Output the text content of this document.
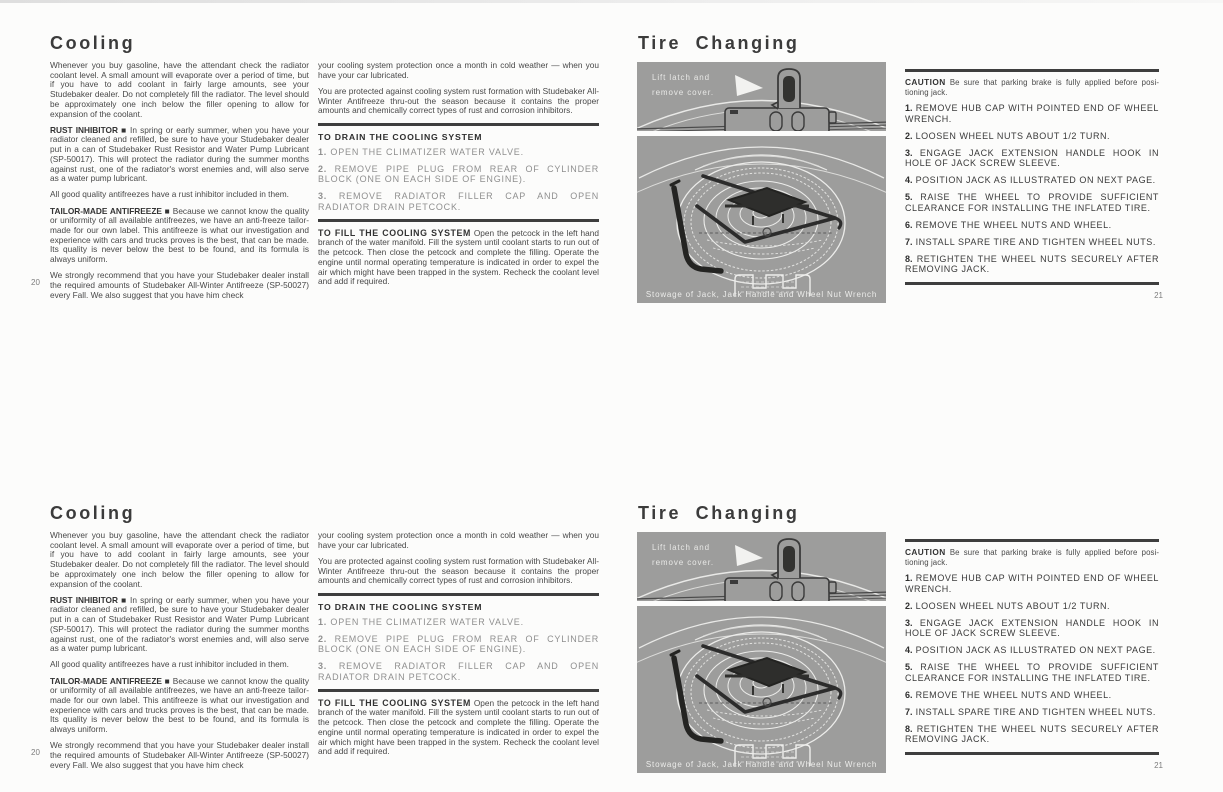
Cooling

Whenever you buy gasoline, have the attendant check the radiator coolant level. A small amount will evaporate over a period of time, but if you have to add coolant in fairly large amounts, see your Studebaker dealer. Do not completely fill the radiator. The level should be approximately one inch below the filler opening to allow for expansion of the coolant.

RUST INHIBITOR ■ In spring or early summer, when you have your radiator cleaned and refilled, be sure to have your Studebaker dealer put in a can of Studebaker Rust Resistor and Water Pump Lubricant (SP-50017). This will protect the radiator during the summer months against rust, one of the radiator's worst enemies and, will also serve as a water pump lubricant.

All good quality antifreezes have a rust inhibitor included in them.

TAILOR-MADE ANTIFREEZE ■ Because we cannot know the quality or uniformity of all available antifreezes, we have an anti-freeze tailor-made for our own label. This antifreeze is what our investigation and experience with cars and trucks proves is the best, that can be made. Its quality is never below the best to be found, and its formula is always uniform.

We strongly recommend that you have your Studebaker dealer install the required amounts of Studebaker All-Winter Antifreeze (SP-50027) every Fall. We also suggest that you have him check

your cooling system protection once a month in cold weather — when you have your car lubricated.

You are protected against cooling system rust formation with Studebaker All-Winter Antifreeze thru-out the season because it contains the proper amounts and chemically correct types of rust and corrosion inhibitors.

TO DRAIN THE COOLING SYSTEM

1. OPEN THE CLIMATIZER WATER VALVE.

2. REMOVE PIPE PLUG FROM REAR OF CYLINDER BLOCK (ONE ON EACH SIDE OF ENGINE).

3. REMOVE RADIATOR FILLER CAP AND OPEN RADIATOR DRAIN PETCOCK.

TO FILL THE COOLING SYSTEM Open the petcock in the left hand branch of the water manifold. Fill the system until coolant starts to run out of the petcock. Then close the petcock and complete the filling. Operate the engine until normal operating temperature is indicated in order to expel the air which might have been trapped in the system. Recheck the coolant level and add if required.

20
Tire Changing
Lift latch and
remove cover.
Stowage of Jack, Jack Handle and Wheel Nut Wrench

CAUTION Be sure that parking brake is fully applied before positioning jack.

1. REMOVE HUB CAP WITH POINTED END OF WHEEL WRENCH.

2. LOOSEN WHEEL NUTS ABOUT 1/2 TURN.

3. ENGAGE JACK EXTENSION HANDLE HOOK IN HOLE OF JACK SCREW SLEEVE.

4. POSITION JACK AS ILLUSTRATED ON NEXT PAGE.

5. RAISE THE WHEEL TO PROVIDE SUFFICIENT CLEARANCE FOR INSTALLING THE INFLATED TIRE.

6. REMOVE THE WHEEL NUTS AND WHEEL.

7. INSTALL SPARE TIRE AND TIGHTEN WHEEL NUTS.

8. RETIGHTEN THE WHEEL NUTS SECURELY AFTER REMOVING JACK.

21
Cooling

Whenever you buy gasoline, have the attendant check the radiator coolant level. A small amount will evaporate over a period of time, but if you have to add coolant in fairly large amounts, see your Studebaker dealer. Do not completely fill the radiator. The level should be approximately one inch below the filler opening to allow for expansion of the coolant.

RUST INHIBITOR ■ In spring or early summer, when you have your radiator cleaned and refilled, be sure to have your Studebaker dealer put in a can of Studebaker Rust Resistor and Water Pump Lubricant (SP-50017). This will protect the radiator during the summer months against rust, one of the radiator's worst enemies and, will also serve as a water pump lubricant.

All good quality antifreezes have a rust inhibitor included in them.

TAILOR-MADE ANTIFREEZE ■ Because we cannot know the quality or uniformity of all available antifreezes, we have an anti-freeze tailor-made for our own label. This antifreeze is what our investigation and experience with cars and trucks proves is the best, that can be made. Its quality is never below the best to be found, and its formula is always uniform.

We strongly recommend that you have your Studebaker dealer install the required amounts of Studebaker All-Winter Antifreeze (SP-50027) every Fall. We also suggest that you have him check

your cooling system protection once a month in cold weather — when you have your car lubricated.

You are protected against cooling system rust formation with Studebaker All-Winter Antifreeze thru-out the season because it contains the proper amounts and chemically correct types of rust and corrosion inhibitors.

TO DRAIN THE COOLING SYSTEM

1. OPEN THE CLIMATIZER WATER VALVE.

2. REMOVE PIPE PLUG FROM REAR OF CYLINDER BLOCK (ONE ON EACH SIDE OF ENGINE).

3. REMOVE RADIATOR FILLER CAP AND OPEN RADIATOR DRAIN PETCOCK.

TO FILL THE COOLING SYSTEM Open the petcock in the left hand branch of the water manifold. Fill the system until coolant starts to run out of the petcock. Then close the petcock and complete the filling. Operate the engine until normal operating temperature is indicated in order to expel the air which might have been trapped in the system. Recheck the coolant level and add if required.

20
Tire Changing
Lift latch and
remove cover.
Stowage of Jack, Jack Handle and Wheel Nut Wrench

CAUTION Be sure that parking brake is fully applied before positioning jack.

1. REMOVE HUB CAP WITH POINTED END OF WHEEL WRENCH.

2. LOOSEN WHEEL NUTS ABOUT 1/2 TURN.

3. ENGAGE JACK EXTENSION HANDLE HOOK IN HOLE OF JACK SCREW SLEEVE.

4. POSITION JACK AS ILLUSTRATED ON NEXT PAGE.

5. RAISE THE WHEEL TO PROVIDE SUFFICIENT CLEARANCE FOR INSTALLING THE INFLATED TIRE.

6. REMOVE THE WHEEL NUTS AND WHEEL.

7. INSTALL SPARE TIRE AND TIGHTEN WHEEL NUTS.

8. RETIGHTEN THE WHEEL NUTS SECURELY AFTER REMOVING JACK.

21
